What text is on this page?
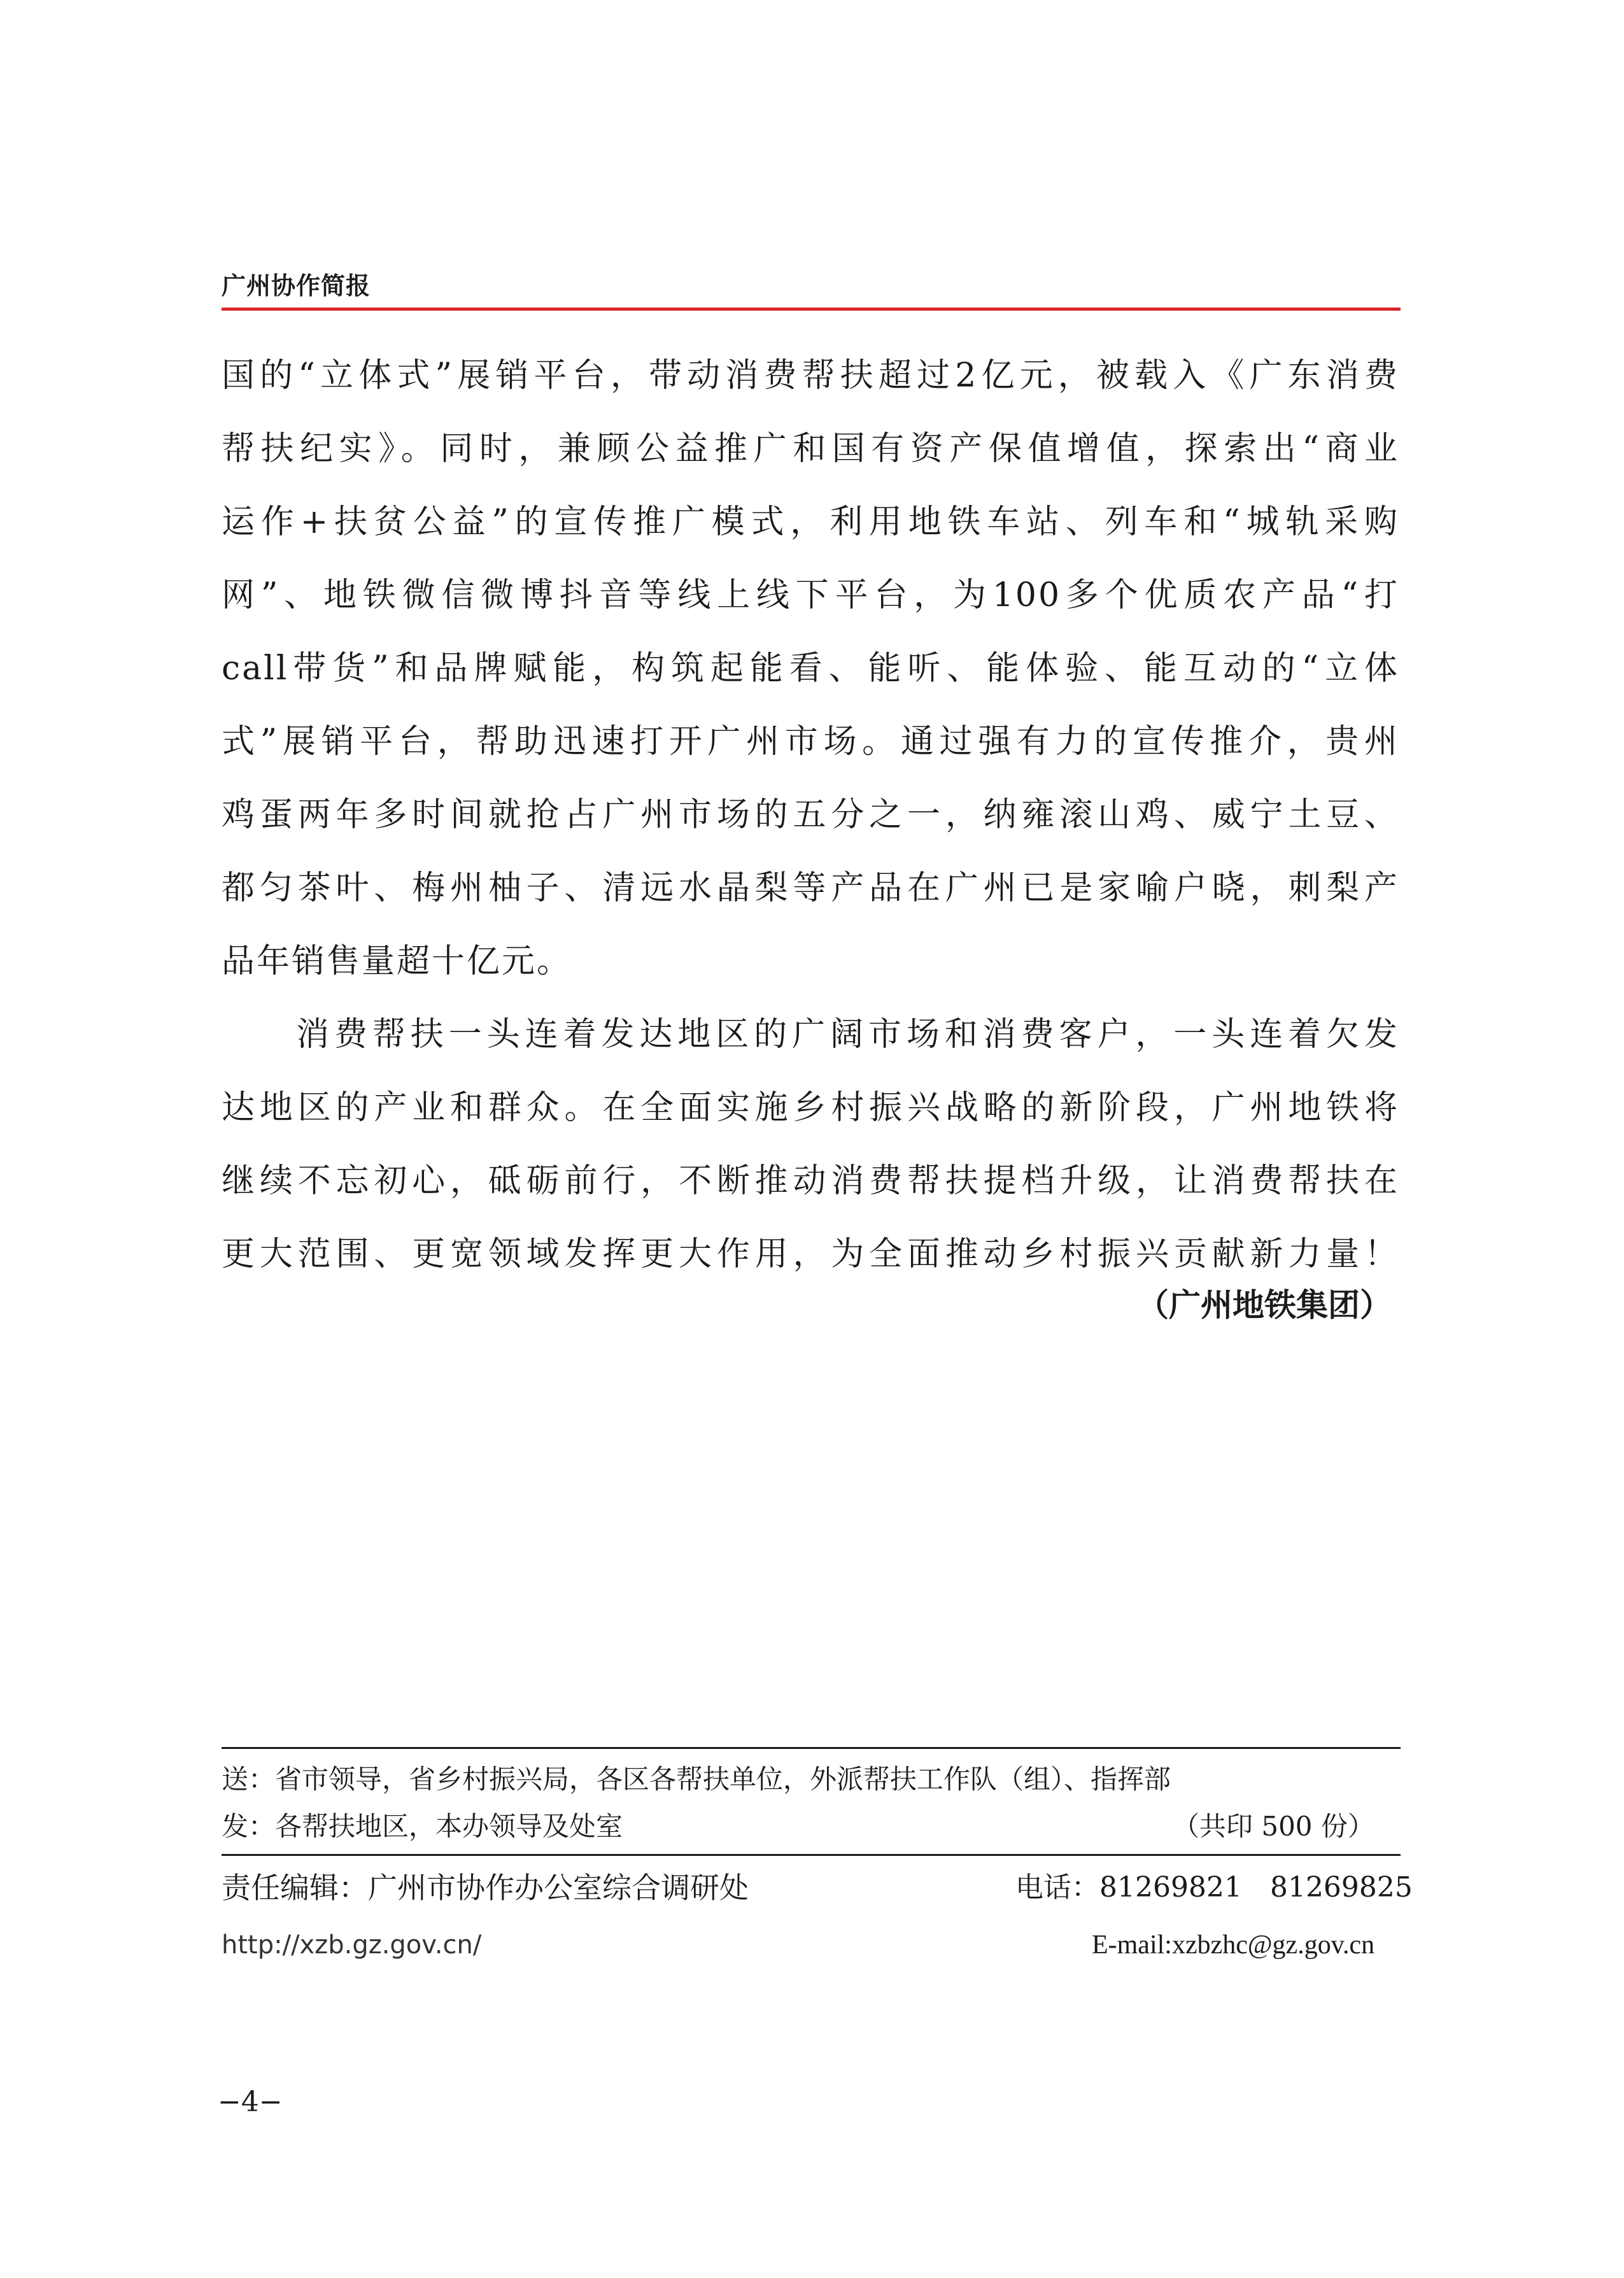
广州协作简报
国的“立体式”展销平台，带动消费帮扶超过2亿元，被载入《广东消费
帮扶纪实》。同时，兼顾公益推广和国有资产保值增值，探索出“商业
运作+扶贫公益”的宣传推广模式，利用地铁车站、列车和“城轨采购
网”、地铁微信微博抖音等线上线下平台，为100多个优质农产品“打
call带货”和品牌赋能，构筑起能看、能听、能体验、能互动的“立体
式”展销平台，帮助迅速打开广州市场。通过强有力的宣传推介，贵州
鸡蛋两年多时间就抢占广州市场的五分之一，纳雍滚山鸡、威宁土豆、
都匀茶叶、梅州柚子、清远水晶梨等产品在广州已是家喻户晓，刺梨产
品年销售量超十亿元。
消费帮扶一头连着发达地区的广阔市场和消费客户，一头连着欠发
达地区的产业和群众。在全面实施乡村振兴战略的新阶段，广州地铁将
继续不忘初心，砥砺前行，不断推动消费帮扶提档升级，让消费帮扶在
更大范围、更宽领域发挥更大作用，为全面推动乡村振兴贡献新力量！
（广州地铁集团）
送：省市领导，省乡村振兴局，各区各帮扶单位，外派帮扶工作队（组）、指挥部
发：各帮扶地区，本办领导及处室	（共印 500 份）
责任编辑：广州市协作办公室综合调研处	电话：81269821　81269825
http://xzb.gz.gov.cn/	E-mail:xzbzhc@gz.gov.cn
−4−
